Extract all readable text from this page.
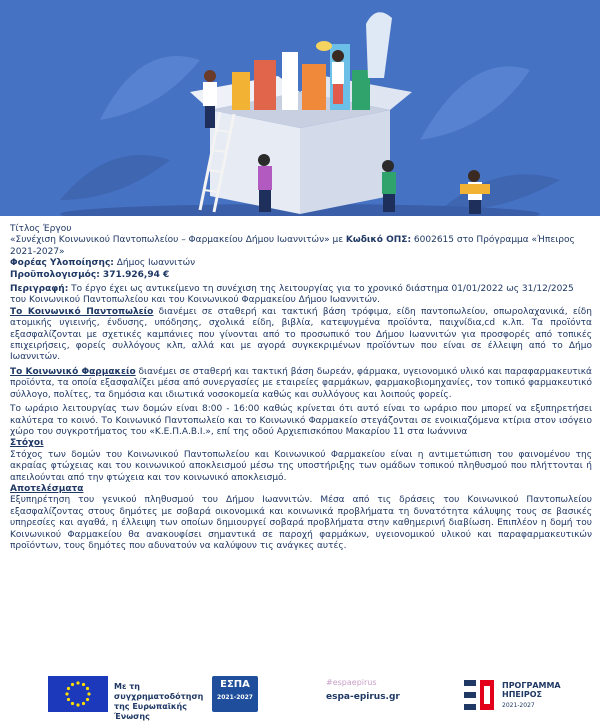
Τίτλος Έργου

«Συνέχιση Κοινωνικού Παντοπωλείου – Φαρμακείου Δήμου Ιωαννιτών» με Κωδικό ΟΠΣ: 6002615 στο Πρόγραμμα «Ήπειρος 2021-2027»

Φορέας Υλοποίησης: Δήμος Ιωαννιτών

Προϋπολογισμός: 371.926,94 €

Περιγραφή: Το έργο έχει ως αντικείμενο τη συνέχιση της λειτουργίας για το χρονικό διάστημα 01/01/2022 ως 31/12/2025 του Κοινωνικού Παντοπωλείου και του Κοινωνικού Φαρμακείου Δήμου Ιωαννιτών.

Το Κοινωνικό Παντοπωλείο διανέμει σε σταθερή και τακτική βάση τρόφιμα, είδη παντοπωλείου, οπωρολαχανικά, είδη ατομικής υγιεινής, ένδυσης, υπόδησης, σχολικά είδη, βιβλία, κατεψυγμένα προϊόντα, παιχνίδια,cd κ.λπ. Τα προϊόντα εξασφαλίζονται με σχετικές καμπάνιες που γίνονται από το προσωπικό του Δήμου Ιωαννιτών για προσφορές από τοπικές επιχειρήσεις, φορείς συλλόγους κλπ, αλλά και με αγορά συγκεκριμένων προϊόντων που είναι σε έλλειψη από το Δήμο Ιωαννιτών.

Το Κοινωνικό Φαρμακείο διανέμει σε σταθερή και τακτική βάση δωρεάν, φάρμακα, υγειονομικό υλικό και παραφαρμακευτικά προϊόντα, τα οποία εξασφαλίζει μέσα από συνεργασίες με εταιρείες φαρμάκων, φαρμακοβιομηχανίες, τον τοπικό φαρμακευτικό σύλλογο, πολίτες, τα δημόσια και ιδιωτικά νοσοκομεία καθώς και συλλόγους και λοιπούς φορείς.

Το ωράριο λειτουργίας των δομών είναι 8:00 - 16:00 καθώς κρίνεται ότι αυτό είναι το ωράριο που μπορεί να εξυπηρετήσει καλύτερα το κοινό. Το Κοινωνικό Παντοπωλείο και το Κοινωνικό Φαρμακείο στεγάζονται σε ενοικιαζόμενα κτίρια στον ισόγειο χώρο του συγκροτήματος του «Κ.Ε.Π.Α.Β.Ι.», επί της οδού Αρχιεπισκόπου Μακαρίου 11 στα Ιωάννινα

Στόχοι

Στόχος των δομών του Κοινωνικού Παντοπωλείου και Κοινωνικού Φαρμακείου είναι η αντιμετώπιση του φαινομένου της ακραίας φτώχειας και του κοινωνικού αποκλεισμού μέσω της υποστήριξης των ομάδων τοπικού πληθυσμού που πλήττονται ή απειλούνται από την φτώχεια και τον κοινωνικό αποκλεισμό.

Αποτελέσματα

Εξυπηρέτηση του γενικού πληθυσμού του Δήμου Ιωαννιτών. Μέσα από τις δράσεις του Κοινωνικού Παντοπωλείου εξασφαλίζοντας στους δημότες με σοβαρά οικονομικά και κοινωνικά προβλήματα τη δυνατότητα κάλυψης τους σε βασικές υπηρεσίες και αγαθά, η έλλειψη των οποίων δημιουργεί σοβαρά προβλήματα στην καθημερινή διαβίωση. Επιπλέον η δομή του Κοινωνικού Φαρμακείου θα ανακουφίσει σημαντικά σε παροχή φαρμάκων, υγειονομικού υλικού και παραφαρμακευτικών προϊόντων, τους δημότες που αδυνατούν να καλύψουν τις ανάγκες αυτές.

Με τη συγχρηματοδότηση της Ευρωπαϊκής Ένωσης
ΕΣΠΑ
2021-2027
#espaepirus
espa-epirus.gr
ΠΡΟΓΡΑΜΜΑ ΗΠΕΙΡΟΣ
2021-2027
